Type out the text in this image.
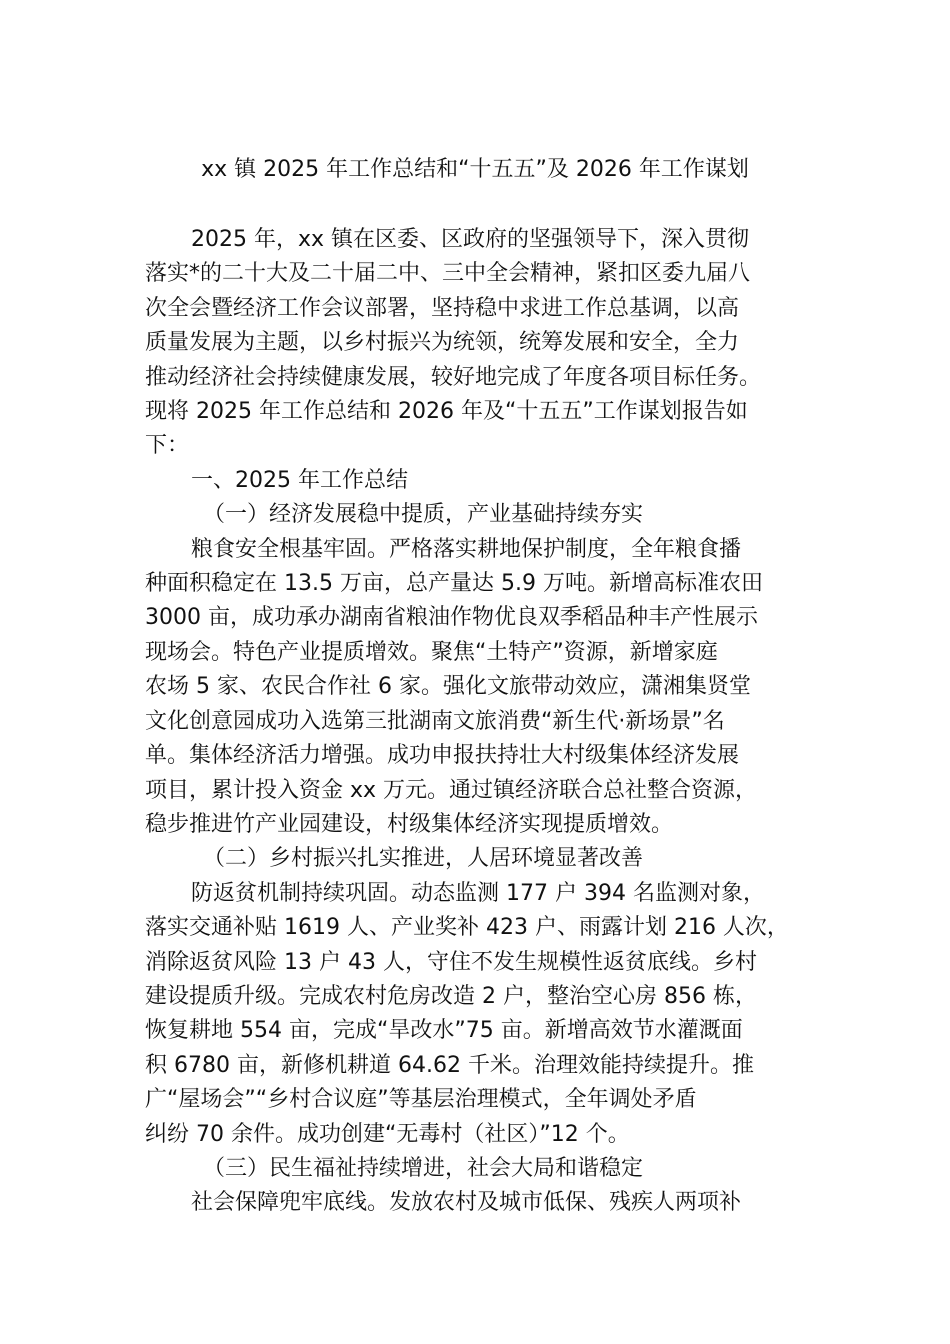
xx 镇 2025 年工作总结和“十五五”及 2026 年工作谋划

2025 年，xx 镇在区委、区政府的坚强领导下，深入贯彻

落实*的二十大及二十届二中、三中全会精神，紧扣区委九届八

次全会暨经济工作会议部署，坚持稳中求进工作总基调，以高

质量发展为主题，以乡村振兴为统领，统筹发展和安全，全力

推动经济社会持续健康发展，较好地完成了年度各项目标任务。

现将 2025 年工作总结和 2026 年及“十五五”工作谋划报告如

下：

一、2025 年工作总结

（一）经济发展稳中提质，产业基础持续夯实

粮食安全根基牢固。严格落实耕地保护制度，全年粮食播

种面积稳定在 13.5 万亩，总产量达 5.9 万吨。新增高标准农田

3000 亩，成功承办湖南省粮油作物优良双季稻品种丰产性展示

现场会。特色产业提质增效。聚焦“土特产”资源，新增家庭

农场 5 家、农民合作社 6 家。强化文旅带动效应，潇湘集贤堂

文化创意园成功入选第三批湖南文旅消费“新生代·新场景”名

单。集体经济活力增强。成功申报扶持壮大村级集体经济发展

项目，累计投入资金 xx 万元。通过镇经济联合总社整合资源，

稳步推进竹产业园建设，村级集体经济实现提质增效。

（二）乡村振兴扎实推进，人居环境显著改善

防返贫机制持续巩固。动态监测 177 户 394 名监测对象，

落实交通补贴 1619 人、产业奖补 423 户、雨露计划 216 人次，

消除返贫风险 13 户 43 人，守住不发生规模性返贫底线。乡村

建设提质升级。完成农村危房改造 2 户，整治空心房 856 栋，

恢复耕地 554 亩，完成“旱改水”75 亩。新增高效节水灌溉面

积 6780 亩，新修机耕道 64.62 千米。治理效能持续提升。推

广“屋场会”“乡村合议庭”等基层治理模式，全年调处矛盾

纠纷 70 余件。成功创建“无毒村（社区）”12 个。

（三）民生福祉持续增进，社会大局和谐稳定

社会保障兜牢底线。发放农村及城市低保、残疾人两项补
